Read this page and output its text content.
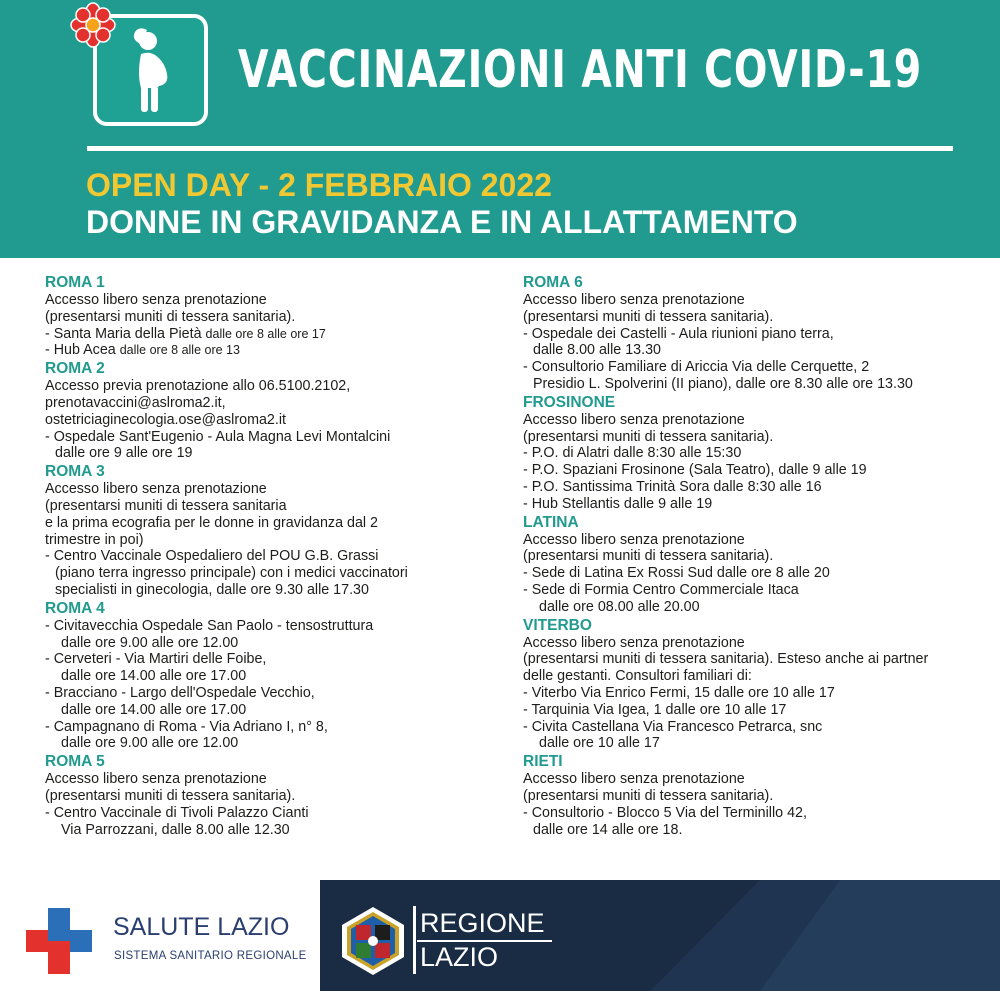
VACCINAZIONI ANTI COVID-19
OPEN DAY - 2 FEBBRAIO 2022
DONNE IN GRAVIDANZA E IN ALLATTAMENTO
ROMA 1
Accesso libero senza prenotazione
(presentarsi muniti di tessera sanitaria).
- Santa Maria della Pietà dalle ore 8 alle ore 17
- Hub Acea dalle ore 8 alle ore 13
ROMA 2
Accesso previa prenotazione allo 06.5100.2102,
prenotavaccini@aslroma2.it,
ostetriciaginecologia.ose@aslroma2.it
- Ospedale Sant'Eugenio - Aula Magna Levi Montalcini
dalle ore 9 alle ore 19
ROMA 3
Accesso libero senza prenotazione
(presentarsi muniti di tessera sanitaria
e la prima ecografia per le donne in gravidanza dal 2
trimestre in poi)
- Centro Vaccinale Ospedaliero del POU G.B. Grassi
(piano terra ingresso principale) con i medici vaccinatori
specialisti in ginecologia, dalle ore 9.30 alle 17.30
ROMA 4
- Civitavecchia Ospedale San Paolo - tensostruttura
dalle ore 9.00 alle ore 12.00
- Cerveteri - Via Martiri delle Foibe,
dalle ore 14.00 alle ore 17.00
- Bracciano - Largo dell'Ospedale Vecchio,
dalle ore 14.00 alle ore 17.00
- Campagnano di Roma - Via Adriano I, n° 8,
dalle ore 9.00 alle ore 12.00
ROMA 5
Accesso libero senza prenotazione
(presentarsi muniti di tessera sanitaria).
- Centro Vaccinale di Tivoli Palazzo Cianti
Via Parrozzani, dalle 8.00 alle 12.30
ROMA 6
Accesso libero senza prenotazione
(presentarsi muniti di tessera sanitaria).
- Ospedale dei Castelli - Aula riunioni piano terra,
dalle 8.00 alle 13.30
- Consultorio Familiare di Ariccia Via delle Cerquette, 2
Presidio L. Spolverini (II piano), dalle ore 8.30 alle ore 13.30
FROSINONE
Accesso libero senza prenotazione
(presentarsi muniti di tessera sanitaria).
- P.O. di Alatri dalle 8:30 alle 15:30
- P.O. Spaziani Frosinone (Sala Teatro), dalle 9 alle 19
- P.O. Santissima Trinità Sora dalle 8:30 alle 16
- Hub Stellantis dalle 9 alle 19
LATINA
Accesso libero senza prenotazione
(presentarsi muniti di tessera sanitaria).
- Sede di Latina Ex Rossi Sud dalle ore 8 alle 20
- Sede di Formia Centro Commerciale Itaca
dalle ore 08.00 alle 20.00
VITERBO
Accesso libero senza prenotazione
(presentarsi muniti di tessera sanitaria). Esteso anche ai partner
delle gestanti. Consultori familiari di:
- Viterbo Via Enrico Fermi, 15 dalle ore 10 alle 17
- Tarquinia Via Igea, 1 dalle ore 10 alle 17
- Civita Castellana Via Francesco Petrarca, snc
dalle ore 10 alle 17
RIETI
Accesso libero senza prenotazione
(presentarsi muniti di tessera sanitaria).
- Consultorio - Blocco 5 Via del Terminillo 42,
dalle ore 14 alle ore 18.
SALUTE LAZIO
SISTEMA SANITARIO REGIONALE
REGIONE
LAZIO
